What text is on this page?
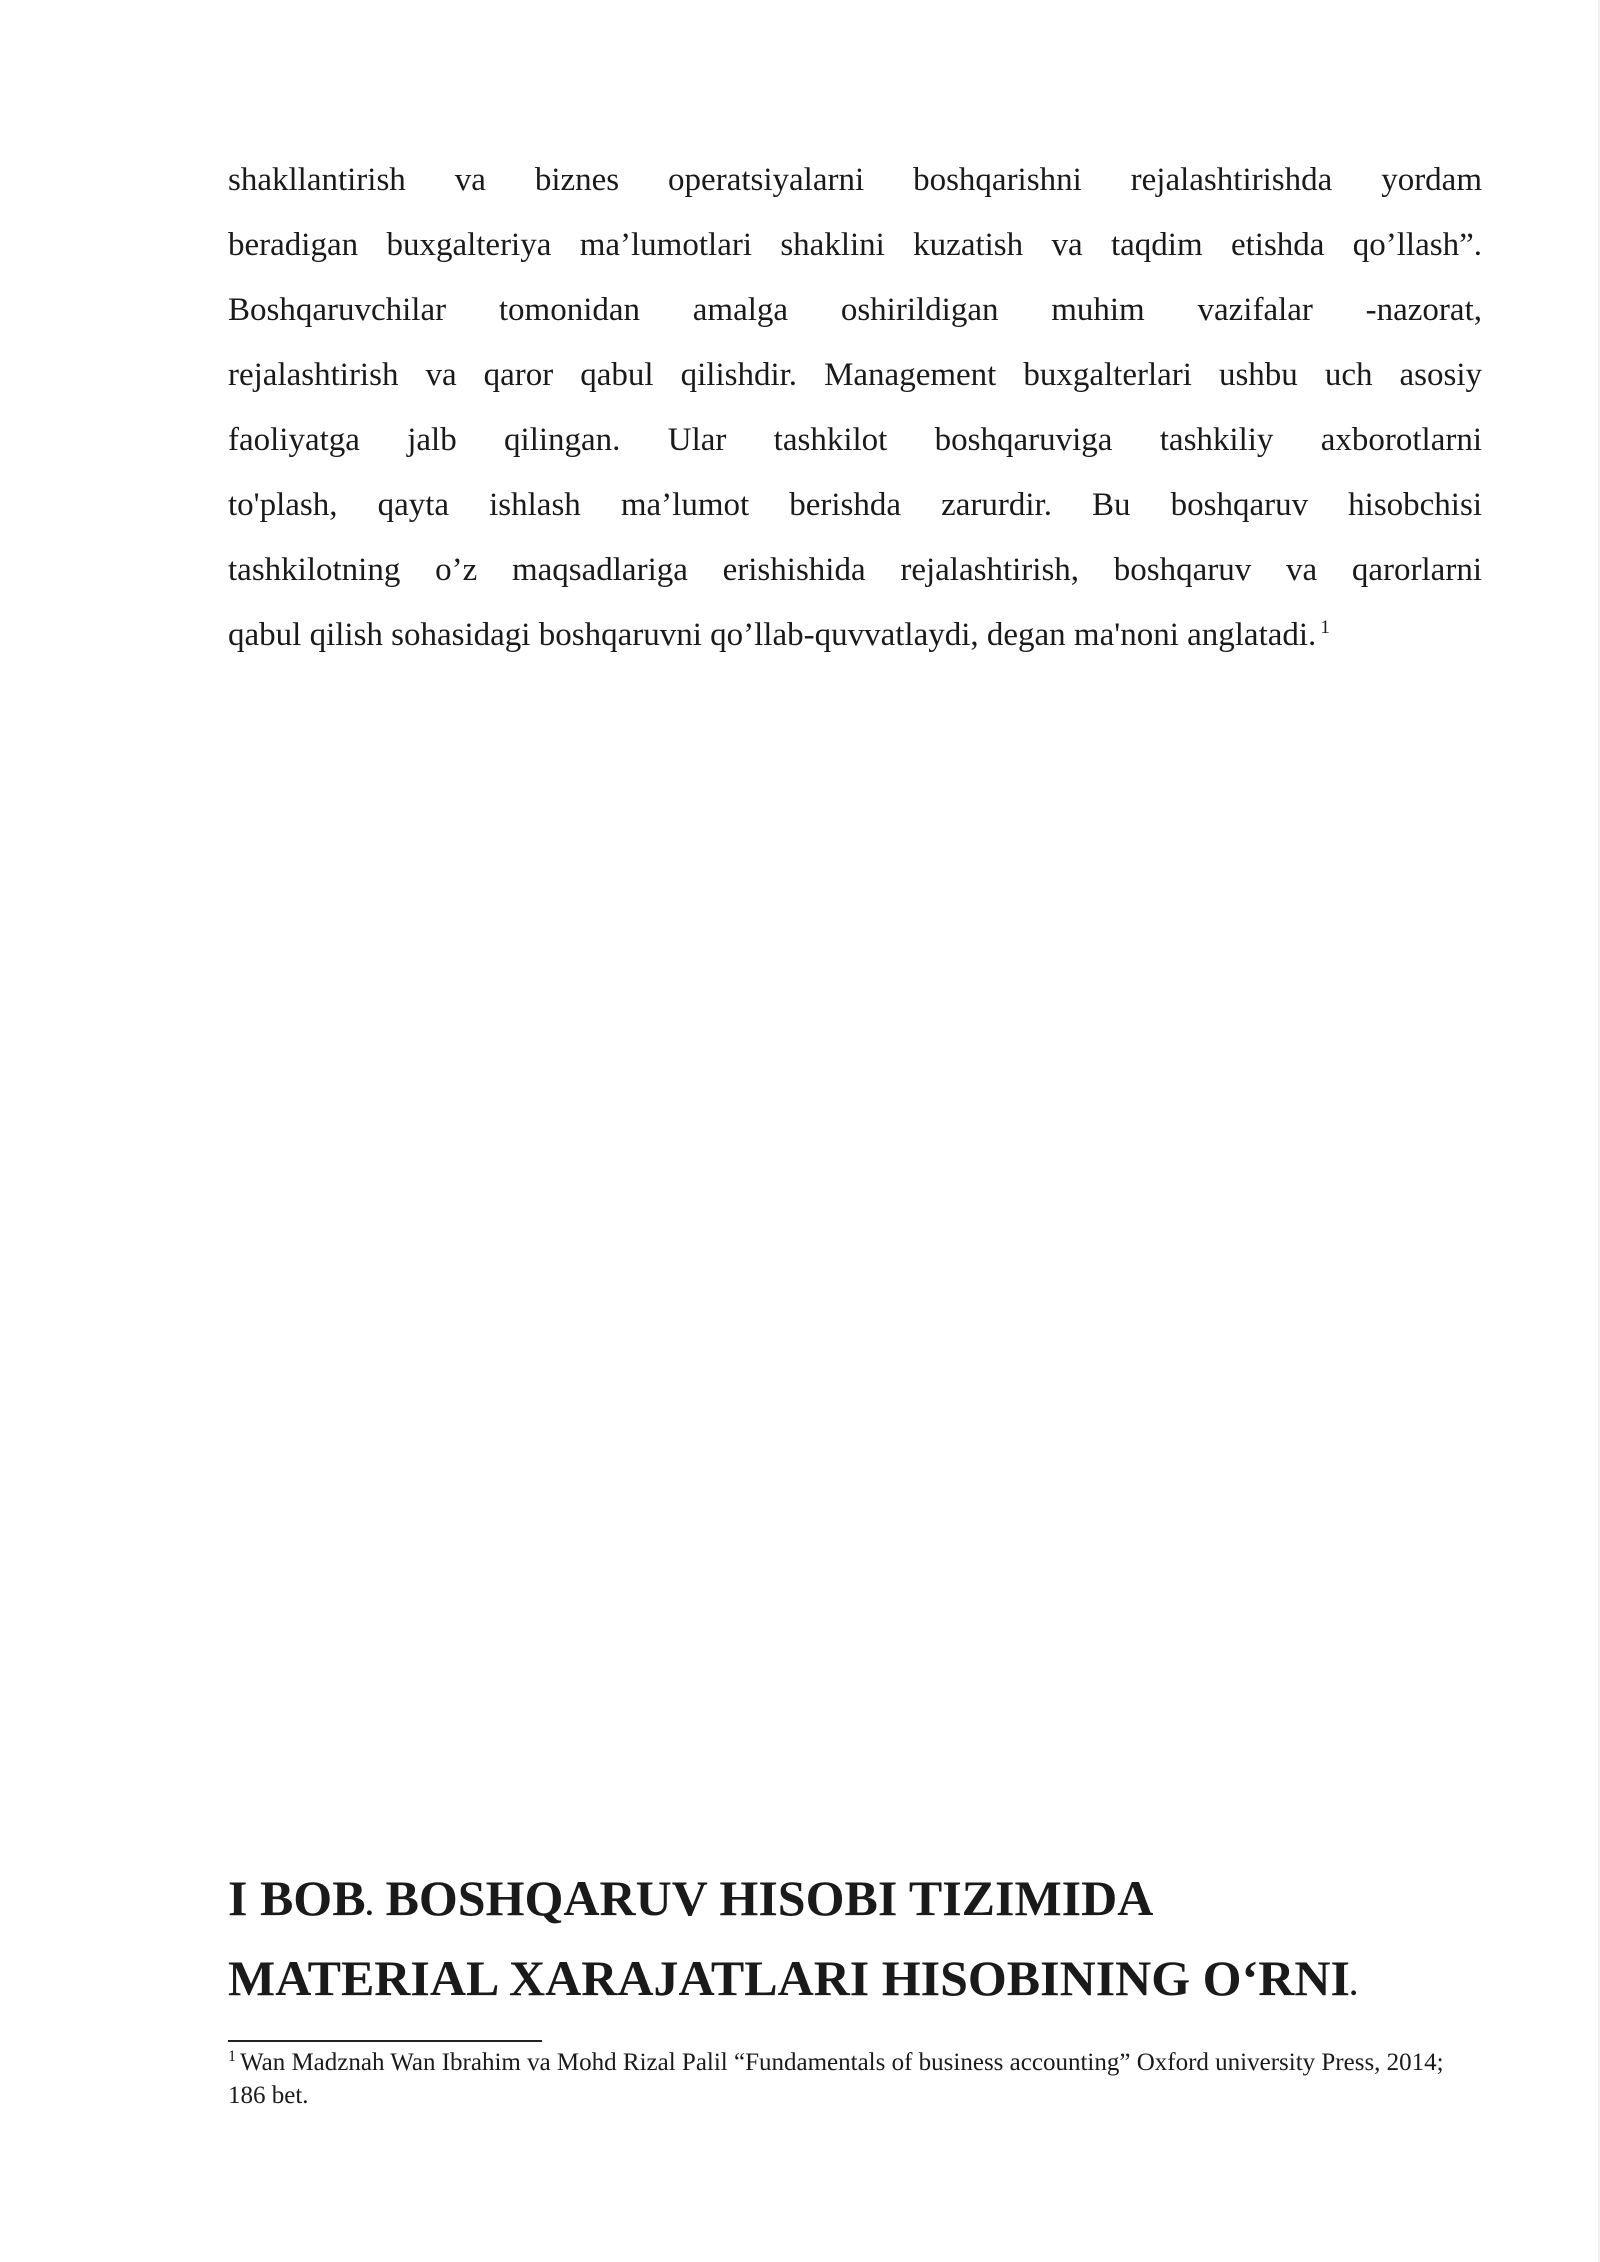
shakllantirish va biznes operatsiyalarni boshqarishni rejalashtirishda yordam
beradigan buxgalteriya ma’lumotlari shaklini kuzatish va taqdim etishda qo’llash”.
Boshqaruvchilar tomonidan amalga oshirildigan muhim vazifalar -nazorat,
rejalashtirish va qaror qabul qilishdir. Management buxgalterlari ushbu uch asosiy
faoliyatga jalb qilingan. Ular tashkilot boshqaruviga tashkiliy axborotlarni
to'plash, qayta ishlash ma’lumot berishda zarurdir. Bu boshqaruv hisobchisi
tashkilotning o’z maqsadlariga erishishida rejalashtirish, boshqaruv va qarorlarni
qabul qilish sohasidagi boshqaruvni qo’llab-quvvatlaydi, degan ma'noni anglatadi. $^1$
I BOB. BOSHQARUV HISOBI TIZIMIDA
MATERIAL XARAJATLARI HISOBINING O‘RNI.
$^1$ Wan Madznah Wan Ibrahim va Mohd Rizal Palil “Fundamentals of business accounting” Oxford university Press, 2014; 186 bet.
